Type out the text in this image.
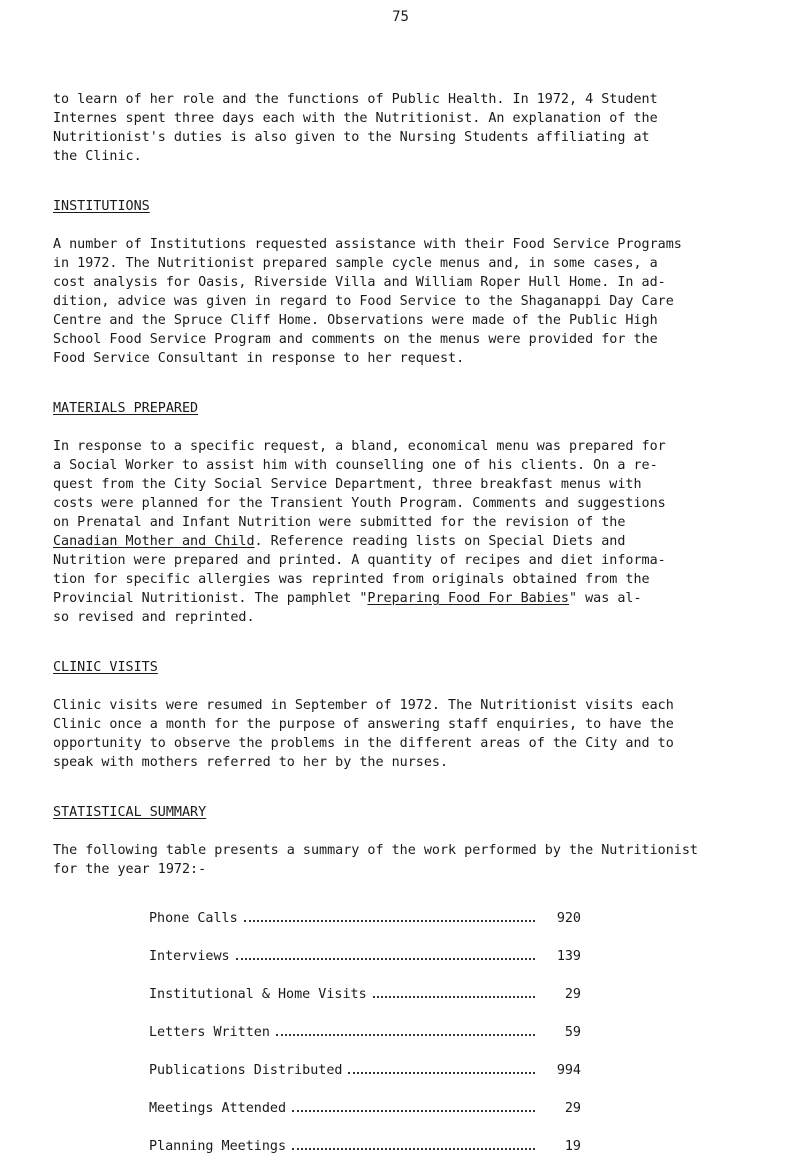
75

to learn of her role and the functions of Public Health. In 1972, 4 Student
Internes spent three days each with the Nutritionist. An explanation of the
Nutritionist's duties is also given to the Nursing Students affiliating at
the Clinic.

INSTITUTIONS

A number of Institutions requested assistance with their Food Service Programs
in 1972. The Nutritionist prepared sample cycle menus and, in some cases, a
cost analysis for Oasis, Riverside Villa and William Roper Hull Home. In ad-
dition, advice was given in regard to Food Service to the Shaganappi Day Care
Centre and the Spruce Cliff Home. Observations were made of the Public High
School Food Service Program and comments on the menus were provided for the
Food Service Consultant in response to her request.

MATERIALS PREPARED

In response to a specific request, a bland, economical menu was prepared for
a Social Worker to assist him with counselling one of his clients. On a re-
quest from the City Social Service Department, three breakfast menus with
costs were planned for the Transient Youth Program. Comments and suggestions
on Prenatal and Infant Nutrition were submitted for the revision of the
Canadian Mother and Child. Reference reading lists on Special Diets and
Nutrition were prepared and printed. A quantity of recipes and diet informa-
tion for specific allergies was reprinted from originals obtained from the
Provincial Nutritionist. The pamphlet "Preparing Food For Babies" was al-
so revised and reprinted.

CLINIC VISITS

Clinic visits were resumed in September of 1972. The Nutritionist visits each
Clinic once a month for the purpose of answering staff enquiries, to have the
opportunity to observe the problems in the different areas of the City and to
speak with mothers referred to her by the nurses.

STATISTICAL SUMMARY

The following table presents a summary of the work performed by the Nutritionist
for the year 1972:-

Phone Calls	920
Interviews	139
Institutional & Home Visits	29
Letters Written	59
Publications Distributed	994
Meetings Attended	29
Planning Meetings	19
